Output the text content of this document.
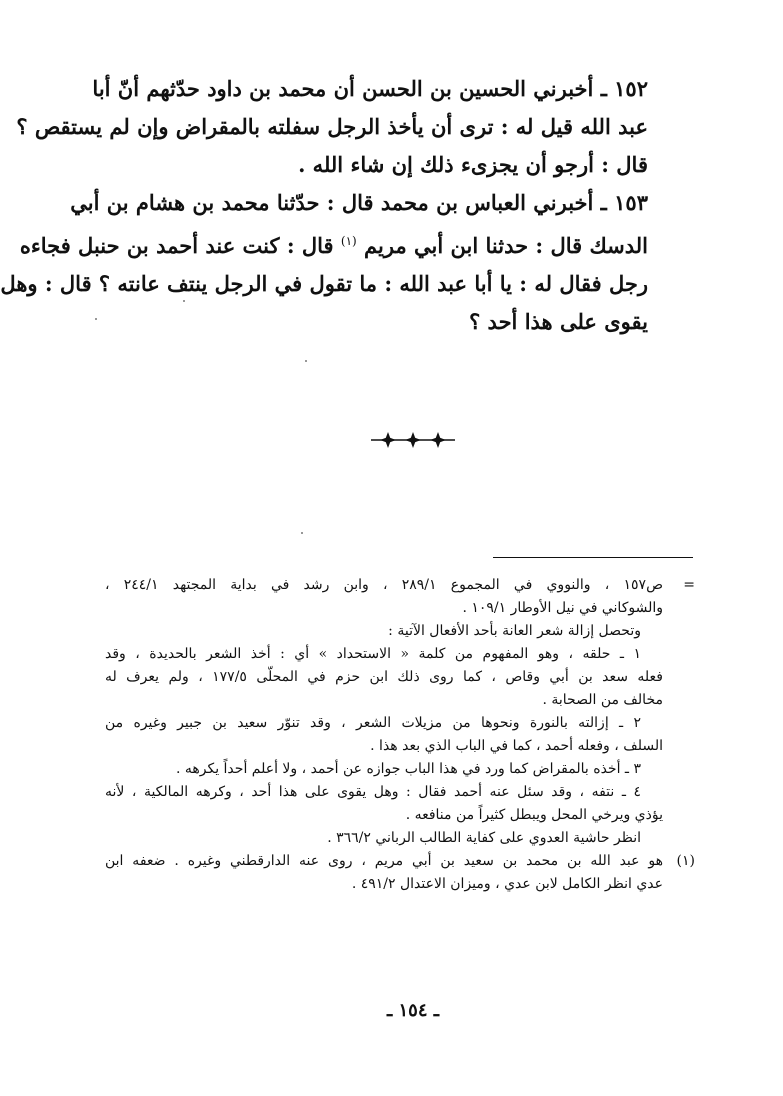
١٥٢ ـ أخبرني الحسين بن الحسن أن محمد بن داود حدّثهم أنّ أبا
عبد الله قيل له : ترى أن يأخذ الرجل سفلته بالمقراض وإن لم يستقص ؟
قال : أرجو أن يجزىء ذلك إن شاء الله .

١٥٣ ـ أخبرني العباس بن محمد قال : حدّثنا محمد بن هشام بن أبي
الدسك قال : حدثنا ابن أبي مريم $^{(١)}$ قال : كنت عند أحمد بن حنبل فجاءه
رجل فقال له : يا أبا عبد الله : ما تقول في الرجل ينتف عانته ؟ قال : وهل
يقوى على هذا أحد ؟

=
ص١٥٧ ، والنووي في المجموع ٢٨٩/١ ، وابن رشد في بداية المجتهد ٢٤٤/١ ،
والشوكاني في نيل الأوطار ١٠٩/١ .
وتحصل إزالة شعر العانة بأحد الأفعال الآتية :
١ ـ حلقه ، وهو المفهوم من كلمة « الاستحداد » أي : أخذ الشعر بالحديدة ، وقد
فعله سعد بن أبي وقاص ، كما روى ذلك ابن حزم في المحلّى ١٧٧/٥ ، ولم يعرف له
مخالف من الصحابة .
٢ ـ إزالته بالنورة ونحوها من مزيلات الشعر ، وقد تنوّر سعيد بن جبير وغيره من
السلف ، وفعله أحمد ، كما في الباب الذي بعد هذا .
٣ ـ أخذه بالمقراض كما ورد في هذا الباب جوازه عن أحمد ، ولا أعلم أحداً يكرهه .
٤ ـ نتفه ، وقد سئل عنه أحمد فقال : وهل يقوى على هذا أحد ، وكرهه المالكية ، لأنه
يؤذي ويرخي المحل ويبطل كثيراً من منافعه .
انظر حاشية العدوي على كفاية الطالب الرباني ٣٦٦/٢ .
(١)
هو عبد الله بن محمد بن سعيد بن أبي مريم ، روى عنه الدارقطني وغيره . ضعفه ابن
عدي انظر الكامل لابن عدي ، وميزان الاعتدال ٤٩١/٢ .
ـ ١٥٤ ـ
